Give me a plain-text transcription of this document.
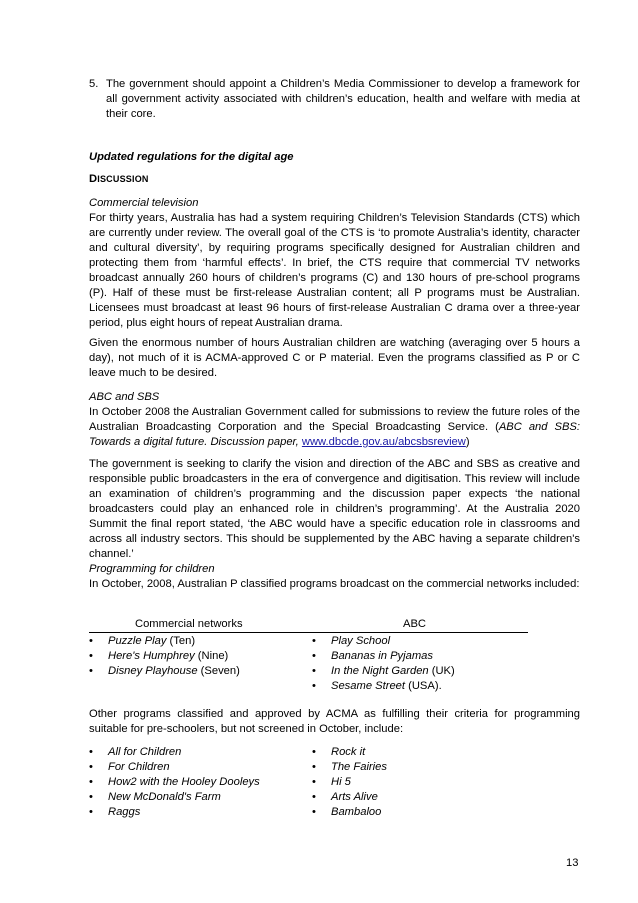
5. The government should appoint a Children’s Media Commissioner to develop a framework for all government activity associated with children’s education, health and welfare with media at their core.
Updated regulations for the digital age
DISCUSSION
Commercial television
For thirty years, Australia has had a system requiring Children’s Television Standards (CTS) which are currently under review. The overall goal of the CTS is ‘to promote Australia’s identity, character and cultural diversity’, by requiring programs specifically designed for Australian children and protecting them from ‘harmful effects’. In brief, the CTS require that commercial TV networks broadcast annually 260 hours of children’s programs (C) and 130 hours of pre-school programs (P). Half of these must be first-release Australian content; all P programs must be Australian. Licensees must broadcast at least 96 hours of first-release Australian C drama over a three-year period, plus eight hours of repeat Australian drama.
Given the enormous number of hours Australian children are watching (averaging over 5 hours a day), not much of it is ACMA-approved C or P material. Even the programs classified as P or C leave much to be desired.
ABC and SBS
In October 2008 the Australian Government called for submissions to review the future roles of the Australian Broadcasting Corporation and the Special Broadcasting Service. (ABC and SBS: Towards a digital future. Discussion paper, www.dbcde.gov.au/abcsbsreview)
The government is seeking to clarify the vision and direction of the ABC and SBS as creative and responsible public broadcasters in the era of convergence and digitisation. This review will include an examination of children’s programming and the discussion paper expects ‘the national broadcasters could play an enhanced role in children’s programming’. At the Australia 2020 Summit the final report stated, ‘the ABC would have a specific education role in classrooms and across all industry sectors. This should be supplemented by the ABC having a separate children's channel.’
Programming for children
In October, 2008, Australian P classified programs broadcast on the commercial networks included:
Commercial networks	ABC
• Puzzle Play (Ten)
• Here's Humphrey (Nine)
• Disney Playhouse (Seven)
• Play School
• Bananas in Pyjamas
• In the Night Garden (UK)
• Sesame Street (USA).
Other programs classified and approved by ACMA as fulfilling their criteria for programming suitable for pre-schoolers, but not screened in October, include:
• All for Children
• For Children
• How2 with the Hooley Dooleys
• New McDonald's Farm
• Raggs
• Rock it
• The Fairies
• Hi 5
• Arts Alive
• Bambaloo
13
